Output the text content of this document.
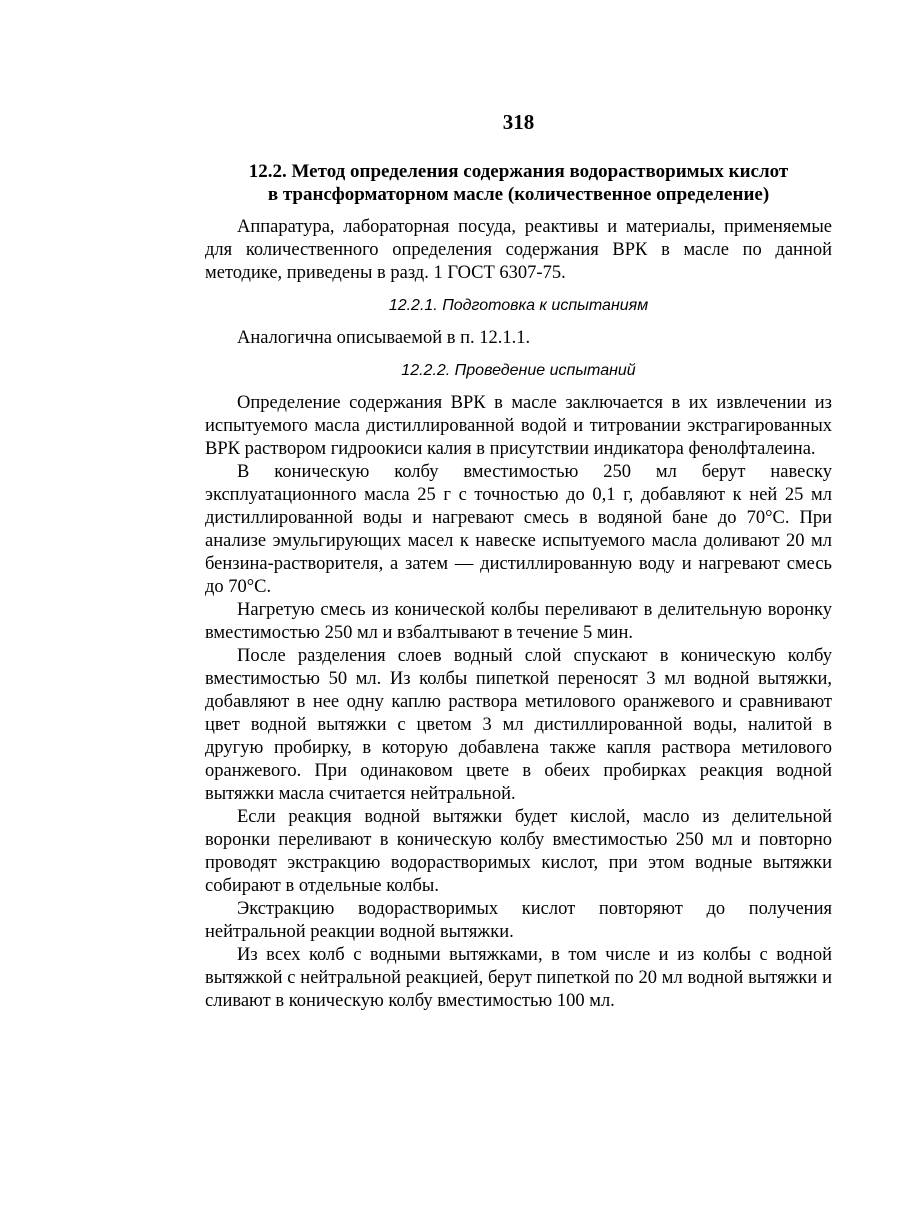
318
12.2. Метод определения содержания водорастворимых кислот
в трансформаторном масле (количественное определение)

Аппаратура, лабораторная посуда, реактивы и материалы, применяемые для количественного определения содержания ВРК в масле по данной методике, приведены в разд. 1 ГОСТ 6307-75.

12.2.1. Подготовка к испытаниям

Аналогична описываемой в п. 12.1.1.

12.2.2. Проведение испытаний

Определение содержания ВРК в масле заключается в их извлечении из испытуемого масла дистиллированной водой и титровании экстрагированных ВРК раствором гидроокиси калия в присутствии индикатора фенолфталеина.

В коническую колбу вместимостью 250 мл берут навеску эксплуатационного масла 25 г с точностью до 0,1 г, добавляют к ней 25 мл дистиллированной воды и нагревают смесь в водяной бане до 70°С. При анализе эмульгирующих масел к навеске испытуемого масла доливают 20 мл бензина-растворителя, а затем — дистиллированную воду и нагревают смесь до 70°С.

Нагретую смесь из конической колбы переливают в делительную воронку вместимостью 250 мл и взбалтывают в течение 5 мин.

После разделения слоев водный слой спускают в коническую колбу вместимостью 50 мл. Из колбы пипеткой переносят 3 мл водной вытяжки, добавляют в нее одну каплю раствора метилового оранжевого и сравнивают цвет водной вытяжки с цветом 3 мл дистиллированной воды, налитой в другую пробирку, в которую добавлена также капля раствора метилового оранжевого. При одинаковом цвете в обеих пробирках реакция водной вытяжки масла считается нейтральной.

Если реакция водной вытяжки будет кислой, масло из делительной воронки переливают в коническую колбу вместимостью 250 мл и повторно проводят экстракцию водорастворимых кислот, при этом водные вытяжки собирают в отдельные колбы.

Экстракцию водорастворимых кислот повторяют до получения нейтральной реакции водной вытяжки.

Из всех колб с водными вытяжками, в том числе и из колбы с водной вытяжкой с нейтральной реакцией, берут пипеткой по 20 мл водной вытяжки и сливают в коническую колбу вместимостью 100 мл.
